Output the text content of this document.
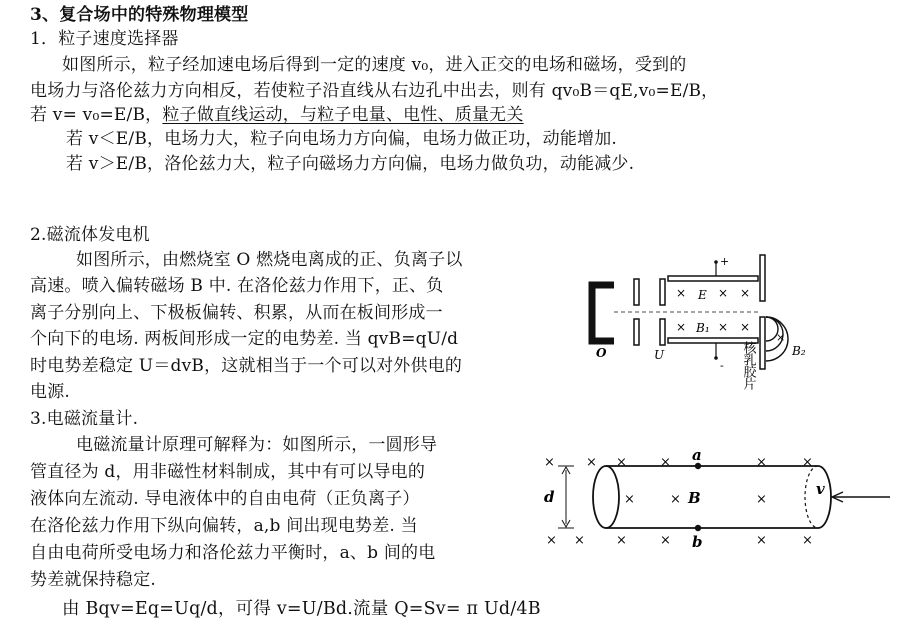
3、复合场中的特殊物理模型
1．粒子速度选择器
如图所示，粒子经加速电场后得到一定的速度 v₀，进入正交的电场和磁场，受到的
电场力与洛伦兹力方向相反，若使粒子沿直线从右边孔中出去，则有 qv₀B＝qE,v₀=E/B，
若 v= v₀=E/B，粒子做直线运动，与粒子电量、电性、质量无关
若 v＜E/B，电场力大，粒子向电场力方向偏，电场力做正功，动能增加.
若 v＞E/B，洛伦兹力大，粒子向磁场力方向偏，电场力做负功，动能减少.
2.磁流体发电机
如图所示，由燃烧室 O 燃烧电离成的正、负离子以
高速。喷入偏转磁场 B 中. 在洛伦兹力作用下，正、负
离子分别向上、下极板偏转、积累，从而在板间形成一
个向下的电场. 两板间形成一定的电势差. 当 qvB=qU/d
时电势差稳定 U＝dvB，这就相当于一个可以对外供电的
电源.
3.电磁流量计.
电磁流量计原理可解释为：如图所示，一圆形导
管直径为 d，用非磁性材料制成，其中有可以导电的
液体向左流动. 导电液体中的自由电荷（正负离子）
在洛伦兹力作用下纵向偏转，a,b 间出现电势差. 当
自由电荷所受电场力和洛伦兹力平衡时，a、b 间的电
势差就保持稳定.
由 Bqv=Eq=Uq/d，可得 v=U/Bd.流量 Q=Sv= π Ud/4B
O	U
+
-
×	× ×
×	× ×
E
B₁
×
B₂
核乳胶片
× × ×	×	×	×
× ×	×	×	×
×
×	×	×
a
b
B
d	v
